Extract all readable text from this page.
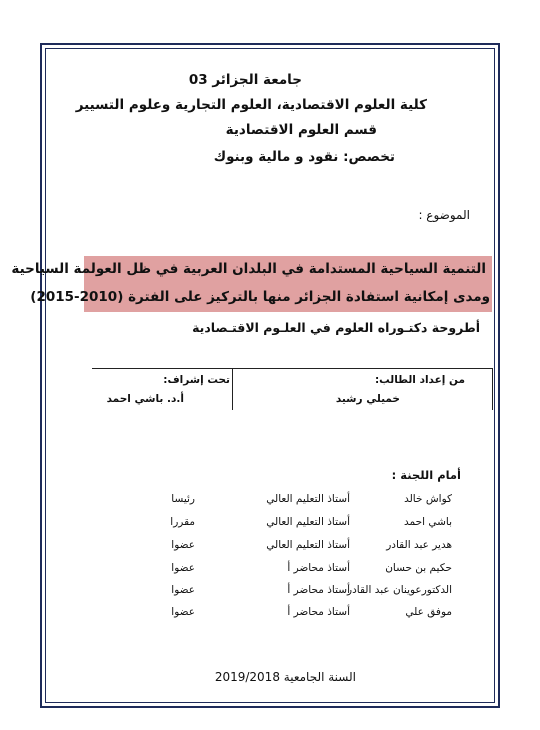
جامعة الجزائر 03
كلية العلوم الاقتصادية، العلوم التجارية وعلوم التسيير
قسم العلوم الاقتصادية
تخصص: نقود و مالية وبنوك
الموضوع :
التنمية السياحية المستدامة في البلدان العربية في ظل العولمة السياحية
ومدى إمكانية استفادة الجزائر منها بالتركيز على الفترة (2010-2015)
أطروحة دكتـوراه العلوم في العلـوم الاقتـصادية
من إعداد الطالب:
خميلي رشيد
تحت إشراف:
أ.د. باشي احمد
أمام اللجنة :
كواش خالد
أستاذ التعليم العالي
رئيسا
باشي احمد
أستاذ التعليم العالي
مقررا
هدير عبد القادر
أستاذ التعليم العالي
عضوا
حكيم بن حسان
أستاذ محاضر أ
عضوا
الدكتورعوينان عبد القادر
أستاذ محاضر أ
عضوا
موفق علي
أستاذ محاضر أ
عضوا
السنة الجامعية 2019/2018
